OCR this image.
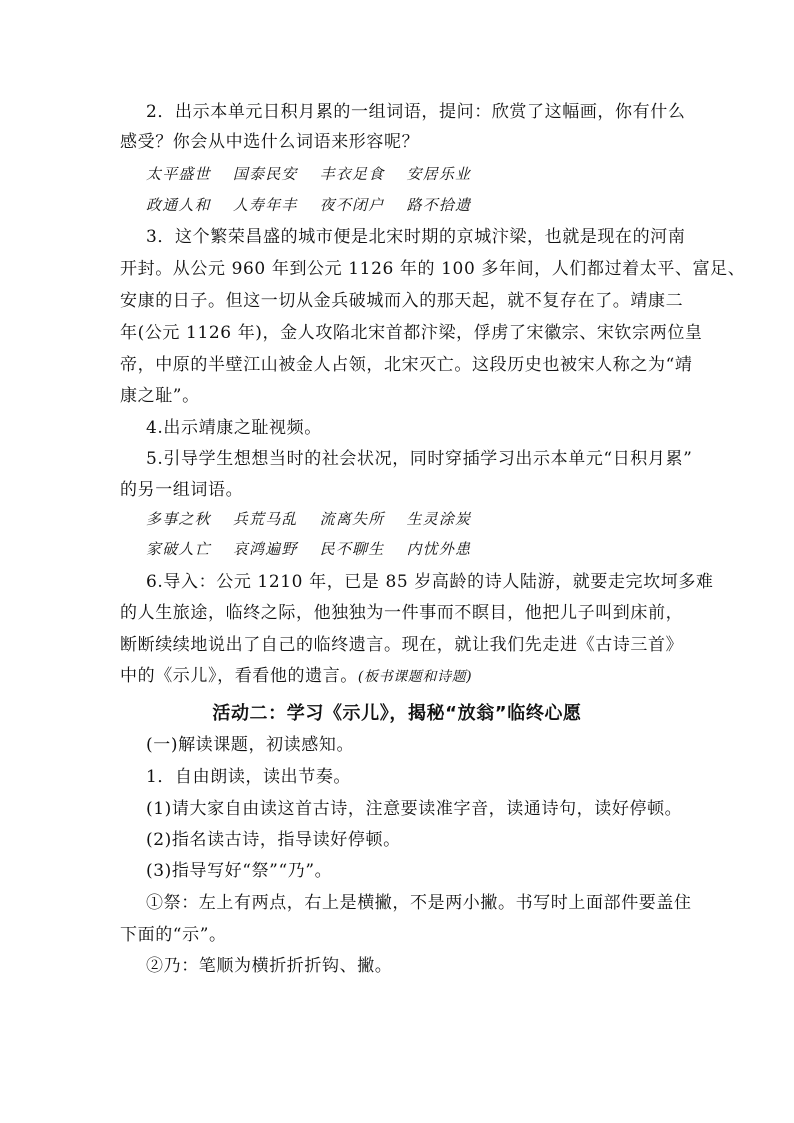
2．出示本单元日积月累的一组词语，提问：欣赏了这幅画，你有什么
感受？你会从中选什么词语来形容呢？
太平盛世 国泰民安 丰衣足食 安居乐业
政通人和 人寿年丰 夜不闭户 路不拾遗
3．这个繁荣昌盛的城市便是北宋时期的京城汴梁，也就是现在的河南
开封。从公元 960 年到公元 1126 年的 100 多年间，人们都过着太平、富足、
安康的日子。但这一切从金兵破城而入的那天起，就不复存在了。靖康二
年(公元 1126 年)，金人攻陷北宋首都汴梁，俘虏了宋徽宗、宋钦宗两位皇
帝，中原的半壁江山被金人占领，北宋灭亡。这段历史也被宋人称之为“靖
康之耻”。
4.出示靖康之耻视频。
5.引导学生想想当时的社会状况，同时穿插学习出示本单元“日积月累”
的另一组词语。
多事之秋 兵荒马乱 流离失所 生灵涂炭
家破人亡 哀鸿遍野 民不聊生 内忧外患
6.导入：公元 1210 年，已是 85 岁高龄的诗人陆游，就要走完坎坷多难
的人生旅途，临终之际，他独独为一件事而不瞑目，他把儿子叫到床前，
断断续续地说出了自己的临终遗言。现在，就让我们先走进《古诗三首》
中的《示儿》，看看他的遗言。(板书课题和诗题)
活动二：学习《示儿》，揭秘“放翁”临终心愿
(一)解读课题，初读感知。
1．自由朗读，读出节奏。
(1)请大家自由读这首古诗，注意要读准字音，读通诗句，读好停顿。
(2)指名读古诗，指导读好停顿。
(3)指导写好“祭”“乃”。
①祭：左上有两点，右上是横撇，不是两小撇。书写时上面部件要盖住
下面的“示”。
②乃：笔顺为横折折折钩、撇。
